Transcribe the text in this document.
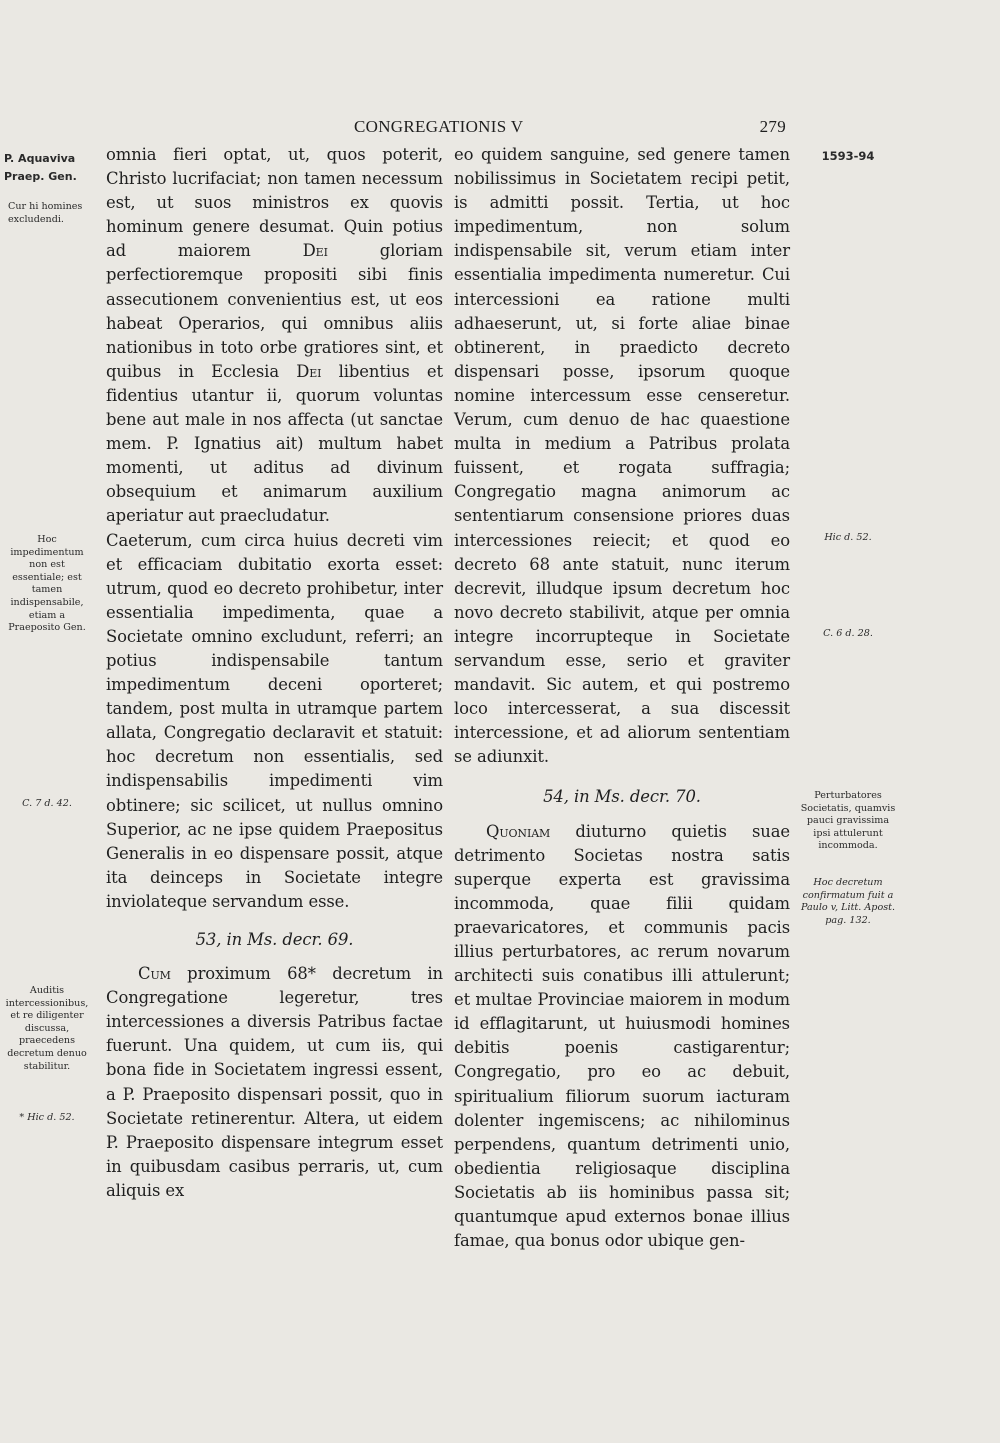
CONGREGATIONIS V	279
P. Aquaviva Praep. Gen.
Cur hi homines excludendi.
Hoc impedimentum non est essentiale; est tamen indispensabile, etiam a Praeposito Gen.
C. 7 d. 42.
Auditis intercessionibus, et re diligenter discussa, praecedens decretum denuo stabilitur.
* Hic d. 52.
1593-94
Hic d. 52.
C. 6 d. 28.
Perturbatores Societatis, quamvis pauci gravissima ipsi attulerunt incommoda.
Hoc decretum confirmatum fuit a Paulo v, Litt. Apost. pag. 132.

omnia fieri optat, ut, quos poterit, Christo lucrifaciat; non tamen necessum est, ut suos ministros ex quovis hominum genere desumat. Quin potius ad maiorem	Dei	gloriam perfectioremque propositi sibi finis assecutionem convenientius est, ut eos habeat Operarios, qui omnibus aliis nationibus in toto orbe gratiores sint, et quibus in Ecclesia Dei libentius et fidentius utantur ii, quorum voluntas bene aut male in nos affecta (ut sanctae mem. P. Ignatius ait) multum habet momenti, ut aditus ad divinum obsequium et animarum auxilium aperiatur aut praecludatur.

Caeterum, cum circa huius decreti vim et efficaciam dubitatio exorta esset: utrum, quod eo decreto prohibetur, inter essentialia impedimenta, quae a Societate omnino excludunt, referri; an potius indispensabile tantum impedimentum deceni oporteret; tandem, post multa in utramque partem allata, Congregatio declaravit et statuit: hoc decretum non essentialis, sed indispensabilis impedimenti vim obtinere; sic scilicet, ut nullus omnino Superior, ac ne ipse quidem Praepositus Generalis in eo dispensare possit, atque ita deinceps in Societate integre inviolateque servandum esse.

53, in Ms. decr. 69.

Cum proximum 68* decretum in Congregatione legeretur, tres intercessiones a diversis Patribus factae fuerunt. Una quidem, ut cum iis, qui bona fide in Societatem ingressi essent, a P. Praeposito dispensari possit, quo in Societate retinerentur. Altera, ut eidem P. Praeposito dispensare integrum esset in quibusdam casibus perraris, ut, cum aliquis ex

eo quidem sanguine, sed genere tamen nobilissimus in Societatem recipi petit, is admitti possit. Tertia, ut hoc impedimentum, non solum indispensabile sit, verum etiam inter essentialia impedimenta numeretur. Cui intercessioni ea ratione multi adhaeserunt, ut, si forte aliae binae obtinerent, in praedicto decreto dispensari posse, ipsorum quoque nomine intercessum esse censeretur. Verum, cum denuo de hac quaestione multa in medium a Patribus prolata fuissent, et rogata suffragia; Congregatio magna animorum ac sententiarum consensione priores duas intercessiones reiecit; et quod eo decreto 68 ante statuit, nunc iterum decrevit, illudque ipsum decretum hoc novo decreto stabilivit, atque per omnia integre incorrupteque in Societate servandum esse, serio et graviter mandavit. Sic autem, et qui postremo loco intercesserat, a sua discessit intercessione, et ad aliorum sententiam se adiunxit.

54, in Ms. decr. 70.

Quoniam diuturno quietis suae detrimento Societas nostra satis superque experta est gravissima incommoda, quae filii quidam praevaricatores, et communis pacis illius perturbatores, ac rerum novarum architecti suis conatibus illi attulerunt; et multae Provinciae maiorem in modum id efflagitarunt, ut huiusmodi homines debitis poenis castigarentur; Congregatio, pro eo ac debuit, spiritualium filiorum suorum iacturam dolenter ingemiscens; ac nihilominus perpendens, quantum detrimenti unio, obedientia religiosaque disciplina Societatis ab iis hominibus passa sit; quantumque apud externos bonae illius famae, qua bonus odor ubique gen-
